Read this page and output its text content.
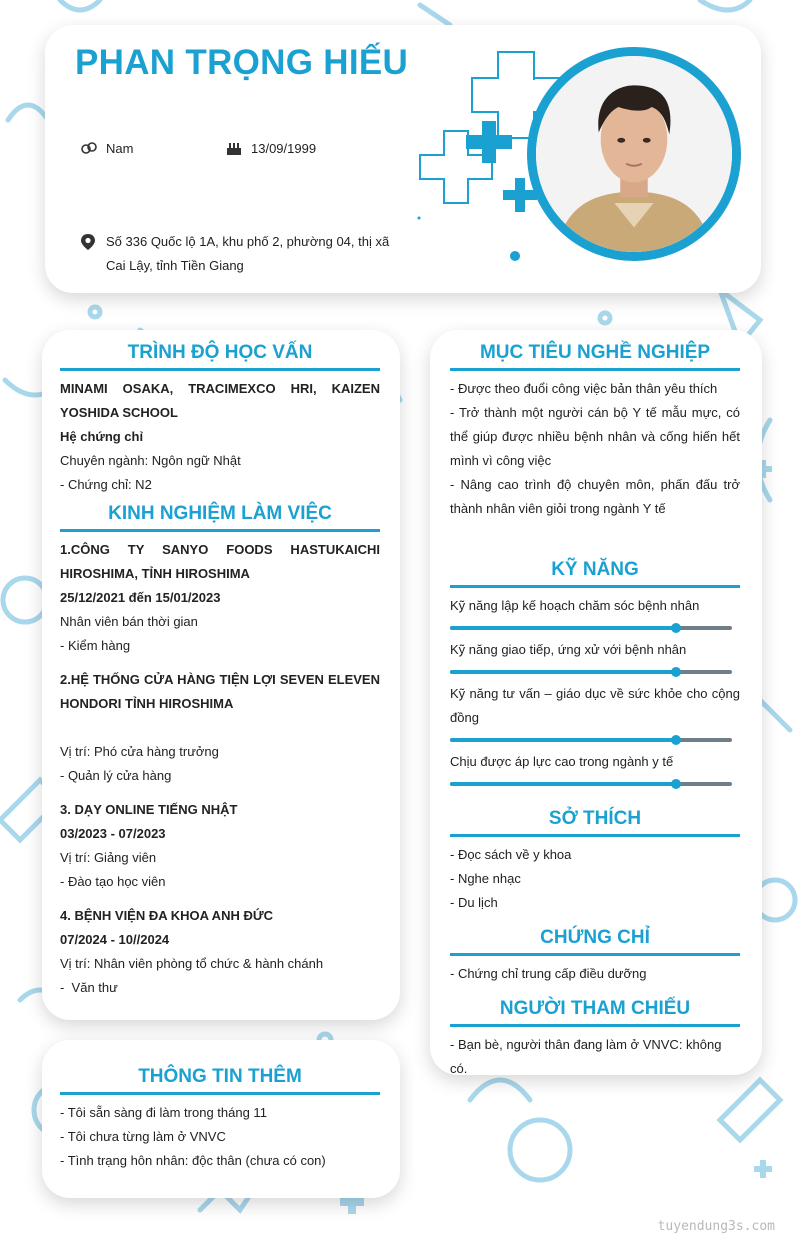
PHAN TRỌNG HIẾU
Nam	13/09/1999
Số 336 Quốc lộ 1A, khu phố 2, phường 04, thị xã Cai Lậy, tỉnh Tiền Giang
TRÌNH ĐỘ HỌC VẤN

MINAMI OSAKA, TRACIMEXCO HRI, KAIZEN YOSHIDA SCHOOL

Hệ chứng chỉ

Chuyên ngành: Ngôn ngữ Nhật

- Chứng chỉ: N2

KINH NGHIỆM LÀM VIỆC

1.CÔNG TY SANYO FOODS HASTUKAICHI HIROSHIMA, TỈNH HIROSHIMA

25/12/2021 đến 15/01/2023

Nhân viên bán thời gian

- Kiểm hàng

2.HỆ THỐNG CỬA HÀNG TIỆN LỢI SEVEN ELEVEN HONDORI TỈNH HIROSHIMA

Vị trí: Phó cửa hàng trưởng

- Quản lý cửa hàng

3. DẠY ONLINE TIẾNG NHẬT

03/2023 - 07/2023

Vị trí: Giảng viên

- Đào tạo học viên

4. BỆNH VIỆN ĐA KHOA ANH ĐỨC

07/2024 - 10//2024

Vị trí: Nhân viên phòng tổ chức & hành chánh

-  Văn thư

THÔNG TIN THÊM

- Tôi sẵn sàng đi làm trong tháng 11

- Tôi chưa từng làm ở VNVC

- Tình trạng hôn nhân: độc thân (chưa có con)

MỤC TIÊU NGHỀ NGHIỆP

- Được theo đuổi công việc bản thân yêu thích

- Trở thành một người cán bộ Y tế mẫu mực, có thể giúp được nhiều bệnh nhân và cống hiến hết mình vì công việc

- Nâng cao trình độ chuyên môn, phấn đấu trở thành nhân viên giỏi trong ngành Y tế

KỸ NĂNG

Kỹ năng lập kế hoạch chăm sóc bệnh nhân

Kỹ năng giao tiếp, ứng xử với bệnh nhân

Kỹ năng tư vấn – giáo dục về sức khỏe cho cộng đồng

Chịu được áp lực cao trong ngành y tế

SỞ THÍCH

- Đọc sách về y khoa

- Nghe nhạc

- Du lịch

CHỨNG CHỈ

- Chứng chỉ trung cấp điều dưỡng

NGƯỜI THAM CHIẾU

- Bạn bè, người thân đang làm ở VNVC: không có.

tuyendung3s.com
